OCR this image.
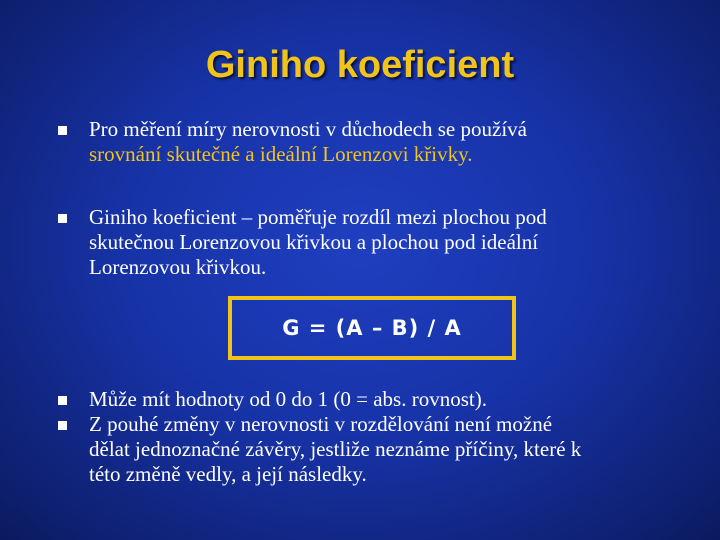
Giniho koeficient
Pro měření míry nerovnosti v důchodech se používá
srovnání skutečné a ideální Lorenzovi křivky.
Giniho koeficient – poměřuje rozdíl mezi plochou pod
skutečnou Lorenzovou křivkou a plochou pod ideální
Lorenzovou křivkou.
G = (A – B) / A
Může mít hodnoty od 0 do 1 (0 = abs. rovnost).
Z pouhé změny v nerovnosti v rozdělování není možné
dělat jednoznačné závěry, jestliže neznáme příčiny, které k
této změně vedly, a její následky.
